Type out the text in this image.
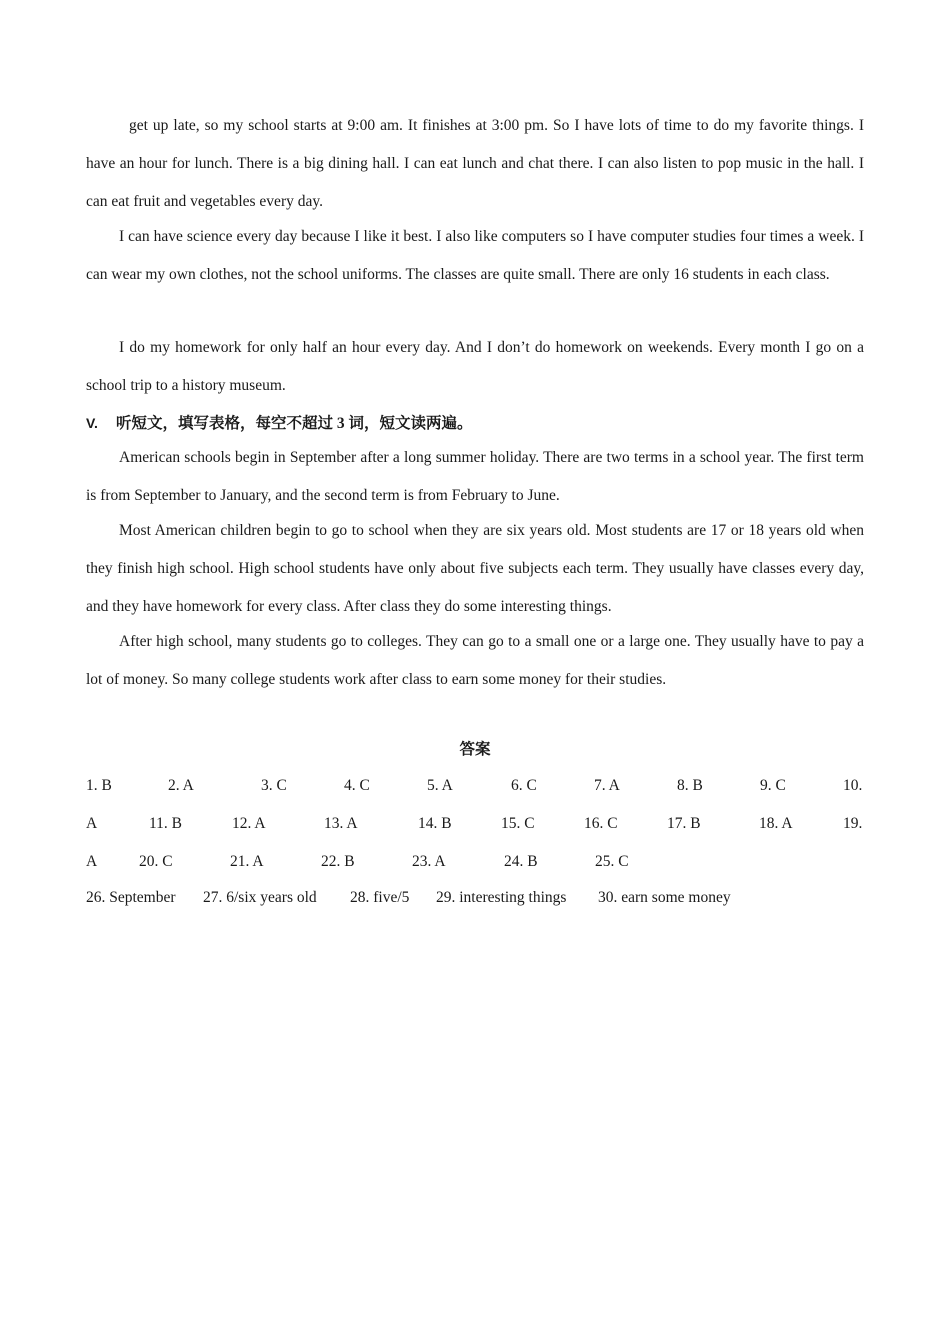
get up late, so my school starts at 9:00 am. It finishes at 3:00 pm. So I have lots of time to do my favorite things. I have an hour for lunch. There is a big dining hall. I can eat lunch and chat there. I can also listen to pop music in the hall. I can eat fruit and vegetables every day.

I can have science every day because I like it best. I also like computers so I have computer studies four times a week. I can wear my own clothes, not the school uniforms. The classes are quite small. There are only 16 students in each class.

I do my homework for only half an hour every day. And I don’t do homework on weekends. Every month I go on a school trip to a history museum.

V. 听短文，填写表格，每空不超过 3 词，短文读两遍。

American schools begin in September after a long summer holiday. There are two terms in a school year. The first term is from September to January, and the second term is from February to June.

Most American children begin to go to school when they are six years old. Most students are 17 or 18 years old when they finish high school. High school students have only about five subjects each term. They usually have classes every day, and they have homework for every class. After class they do some interesting things.

After high school, many students go to colleges. They can go to a small one or a large one. They usually have to pay a lot of money. So many college students work after class to earn some money for their studies.

答案
1. B	2. A	3. C	4. C	5. A	6. C	7. A	8. B	9. C	10.
A	11. B	12. A	13. A	14. B	15. C	16. C	17. B	18. A	19.
A	20. C	21. A	22. B	23. A	24. B	25. C
26. September 27. 6/six years old 28. five/5 29. interesting things 30. earn some money
